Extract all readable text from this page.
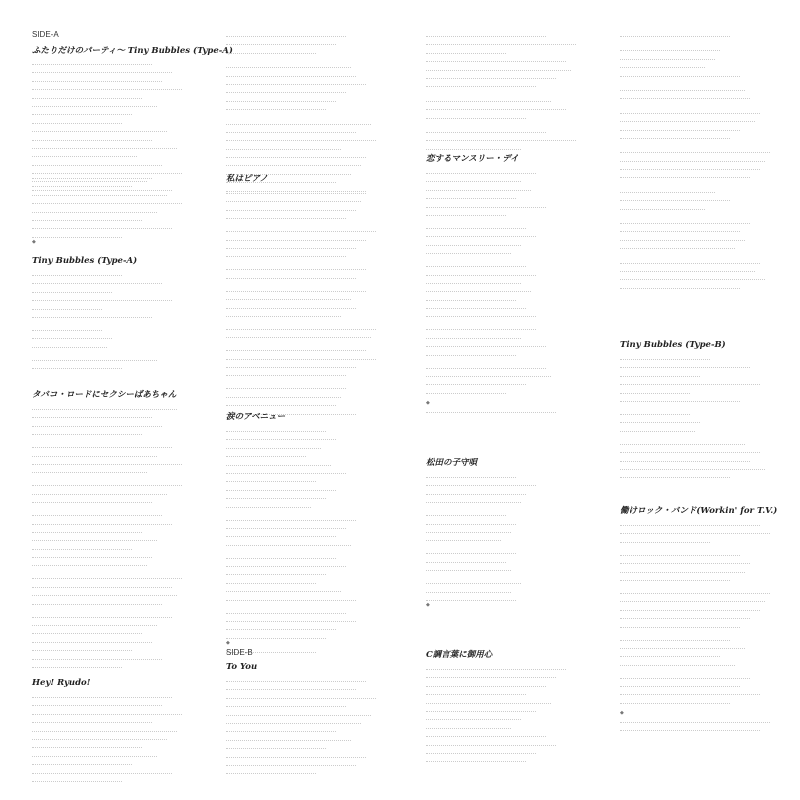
SIDE-A
ふたりだけのパーティ〜 Tiny Bubbles (Type-A)
◆
Tiny Bubbles (Type-A)
タバコ・ロードにセクシーばあちゃん
Hey! Ryudo!
私はピアノ
涙のアベニュー
◆
SIDE-B
To You
恋するマンスリー・デイ
◆
松田の子守唄
◆
C調言葉に御用心
Tiny Bubbles (Type-B)
働けロック・バンド(Workin' for T.V.)
◆
